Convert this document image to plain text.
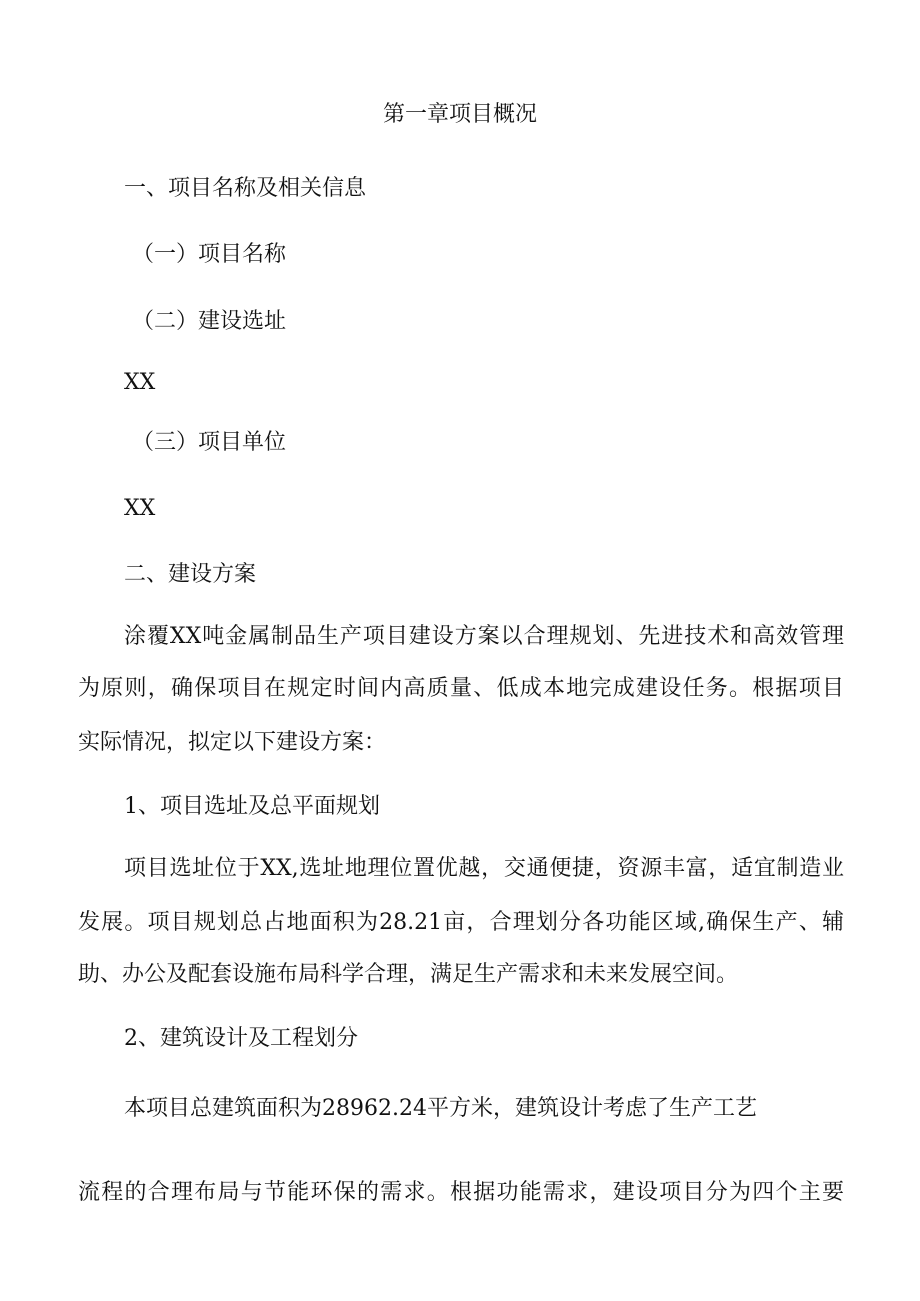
第一章项目概况

一、项目名称及相关信息

（一）项目名称

（二）建设选址

XX

（三）项目单位

XX

二、建设方案

涂覆XX吨金属制品生产项目建设方案以合理规划、先进技术和高效管理

为原则，确保项目在规定时间内高质量、低成本地完成建设任务。根据项目

实际情况，拟定以下建设方案：

1、项目选址及总平面规划

项目选址位于XX,选址地理位置优越，交通便捷，资源丰富，适宜制造业

发展。项目规划总占地面积为28.21亩，合理划分各功能区域,确保生产、辅

助、办公及配套设施布局科学合理，满足生产需求和未来发展空间。

2、建筑设计及工程划分

本项目总建筑面积为28962.24平方米，建筑设计考虑了生产工艺

流程的合理布局与节能环保的需求。根据功能需求，建设项目分为四个主要
